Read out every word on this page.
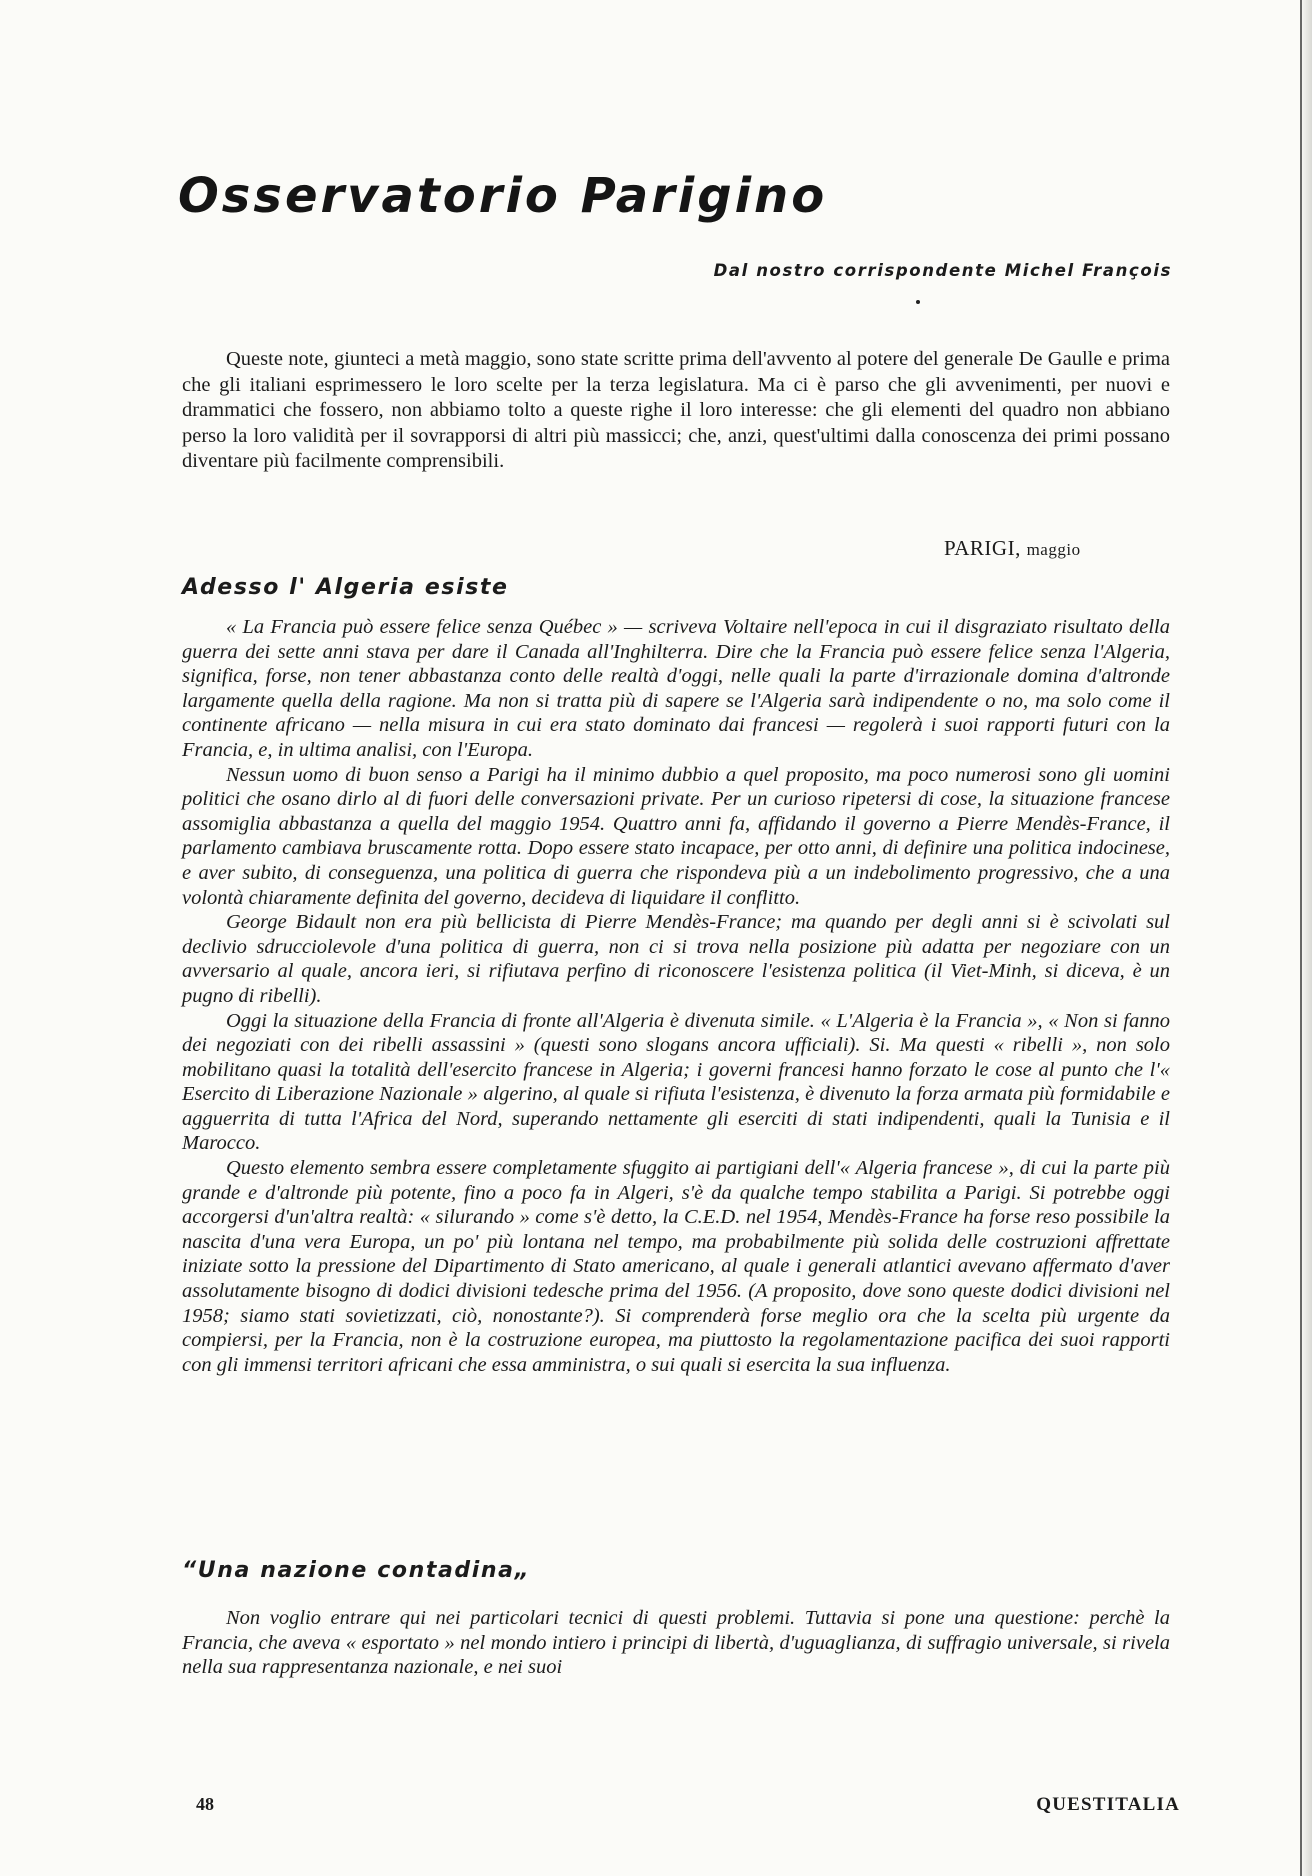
Osservatorio Parigino
Dal nostro corrispondente Michel François

Queste note, giunteci a metà maggio, sono state scritte prima dell'avvento al potere del generale De Gaulle e prima che gli italiani esprimessero le loro scelte per la terza legislatura. Ma ci è parso che gli avvenimenti, per nuovi e drammatici che fossero, non abbiamo tolto a queste righe il loro interesse: che gli elementi del quadro non abbiano perso la loro validità per il sovrapporsi di altri più massicci; che, anzi, quest'ultimi dalla conoscenza dei primi possano diventare più facilmente comprensibili.

PARIGI, maggio
Adesso l' Algeria esiste

« La Francia può essere felice senza Québec » — scriveva Voltaire nell'epoca in cui il disgraziato risultato della guerra dei sette anni stava per dare il Canada all'Inghilterra. Dire che la Francia può essere felice senza l'Algeria, significa, forse, non tener abbastanza conto delle realtà d'oggi, nelle quali la parte d'irrazionale domina d'altronde largamente quella della ragione. Ma non si tratta più di sapere se l'Algeria sarà indipendente o no, ma solo come il continente africano — nella misura in cui era stato dominato dai francesi — regolerà i suoi rapporti futuri con la Francia, e, in ultima analisi, con l'Europa.

Nessun uomo di buon senso a Parigi ha il minimo dubbio a quel proposito, ma poco numerosi sono gli uomini politici che osano dirlo al di fuori delle conversazioni private. Per un curioso ripetersi di cose, la situazione francese assomiglia abbastanza a quella del maggio 1954. Quattro anni fa, affidando il governo a Pierre Mendès-France, il parlamento cambiava bruscamente rotta. Dopo essere stato incapace, per otto anni, di definire una politica indocinese, e aver subito, di conseguenza, una politica di guerra che rispondeva più a un indebolimento progressivo, che a una volontà chiaramente definita del governo, decideva di liquidare il conflitto.

George Bidault non era più bellicista di Pierre Mendès-France; ma quando per degli anni si è scivolati sul declivio sdrucciolevole d'una politica di guerra, non ci si trova nella posizione più adatta per negoziare con un avversario al quale, ancora ieri, si rifiutava perfino di riconoscere l'esistenza politica (il Viet-Minh, si diceva, è un pugno di ribelli).

Oggi la situazione della Francia di fronte all'Algeria è divenuta simile. « L'Algeria è la Francia », « Non si fanno dei negoziati con dei ribelli assassini » (questi sono slogans ancora ufficiali). Si. Ma questi « ribelli », non solo mobilitano quasi la totalità dell'esercito francese in Algeria; i governi francesi hanno forzato le cose al punto che l'« Esercito di Liberazione Nazionale » algerino, al quale si rifiuta l'esistenza, è divenuto la forza armata più formidabile e agguerrita di tutta l'Africa del Nord, superando nettamente gli eserciti di stati indipendenti, quali la Tunisia e il Marocco.

Questo elemento sembra essere completamente sfuggito ai partigiani dell'« Algeria francese », di cui la parte più grande e d'altronde più potente, fino a poco fa in Algeri, s'è da qualche tempo stabilita a Parigi. Si potrebbe oggi accorgersi d'un'altra realtà: « silurando » come s'è detto, la C.E.D. nel 1954, Mendès-France ha forse reso possibile la nascita d'una vera Europa, un po' più lontana nel tempo, ma probabilmente più solida delle costruzioni affrettate iniziate sotto la pressione del Dipartimento di Stato americano, al quale i generali atlantici avevano affermato d'aver assolutamente bisogno di dodici divisioni tedesche prima del 1956. (A proposito, dove sono queste dodici divisioni nel 1958; siamo stati sovietizzati, ciò, nonostante?). Si comprenderà forse meglio ora che la scelta più urgente da compiersi, per la Francia, non è la costruzione europea, ma piuttosto la regolamentazione pacifica dei suoi rapporti con gli immensi territori africani che essa amministra, o sui quali si esercita la sua influenza.

“Una nazione contadina„

Non voglio entrare qui nei particolari tecnici di questi problemi. Tuttavia si pone una questione: perchè la Francia, che aveva « esportato » nel mondo intiero i principi di libertà, d'uguaglianza, di suffragio universale, si rivela nella sua rappresentanza nazionale, e nei suoi

48	QUESTITALIA
